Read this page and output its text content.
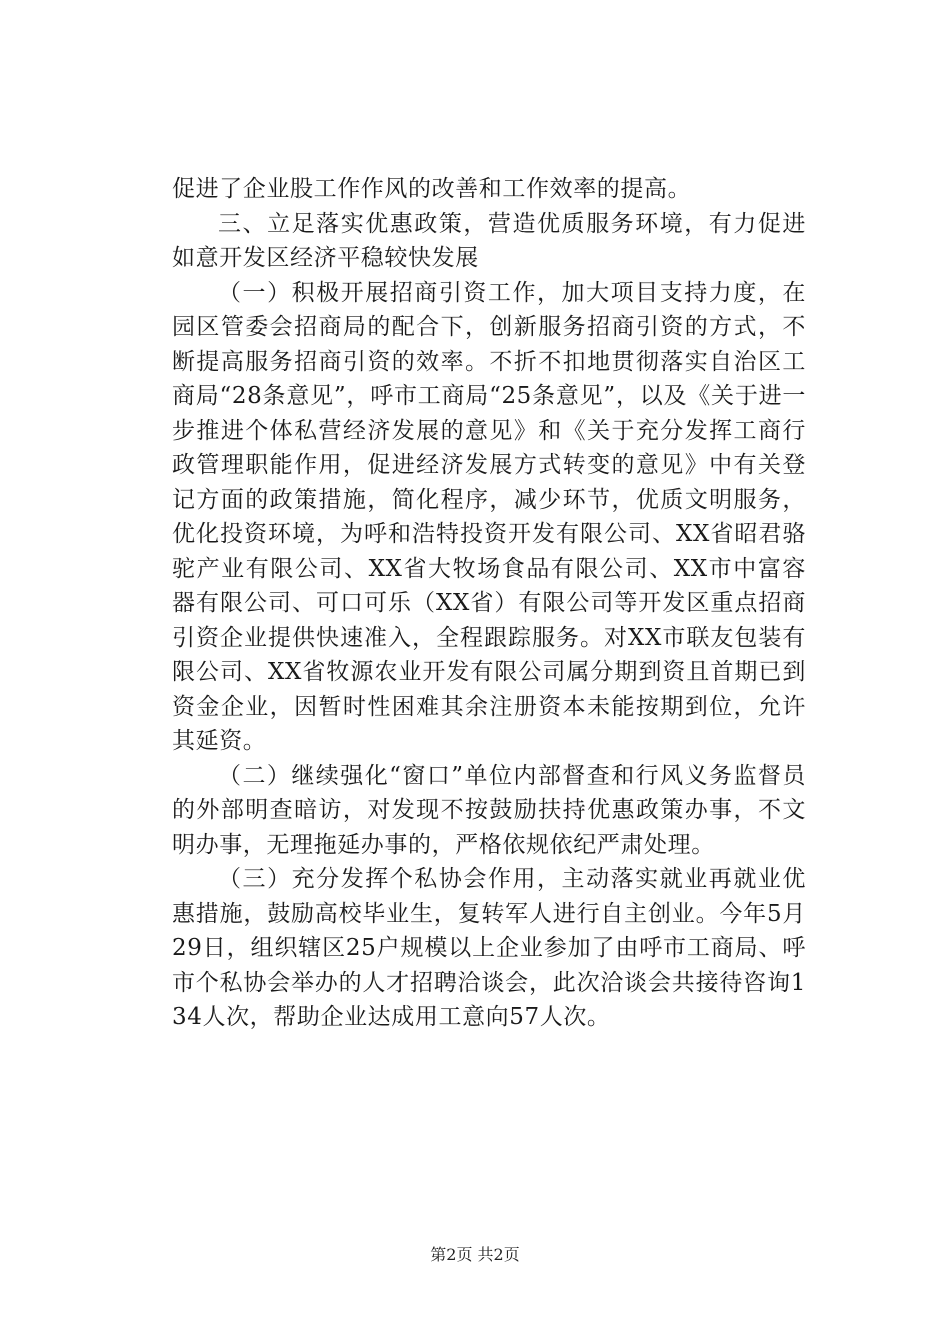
促进了企业股工作作风的改善和工作效率的提高。

三、立足落实优惠政策，营造优质服务环境，有力促进如意开发区经济平稳较快发展

（一）积极开展招商引资工作，加大项目支持力度，在园区管委会招商局的配合下，创新服务招商引资的方式，不断提高服务招商引资的效率。不折不扣地贯彻落实自治区工商局“28条意见”，呼市工商局“25条意见”，以及《关于进一步推进个体私营经济发展的意见》和《关于充分发挥工商行政管理职能作用，促进经济发展方式转变的意见》中有关登记方面的政策措施，简化程序，减少环节，优质文明服务，优化投资环境，为呼和浩特投资开发有限公司、XX省昭君骆驼产业有限公司、XX省大牧场食品有限公司、XX市中富容器有限公司、可口可乐（XX省）有限公司等开发区重点招商引资企业提供快速准入，全程跟踪服务。对XX市联友包装有限公司、XX省牧源农业开发有限公司属分期到资且首期已到资金企业，因暂时性困难其余注册资本未能按期到位，允许其延资。

（二）继续强化“窗口”单位内部督查和行风义务监督员的外部明查暗访，对发现不按鼓励扶持优惠政策办事，不文明办事，无理拖延办事的，严格依规依纪严肃处理。

（三）充分发挥个私协会作用，主动落实就业再就业优惠措施，鼓励高校毕业生，复转军人进行自主创业。今年5月29日，组织辖区25户规模以上企业参加了由呼市工商局、呼市个私协会举办的人才招聘洽谈会，此次洽谈会共接待咨询134人次，帮助企业达成用工意向57人次。

第2页 共2页
